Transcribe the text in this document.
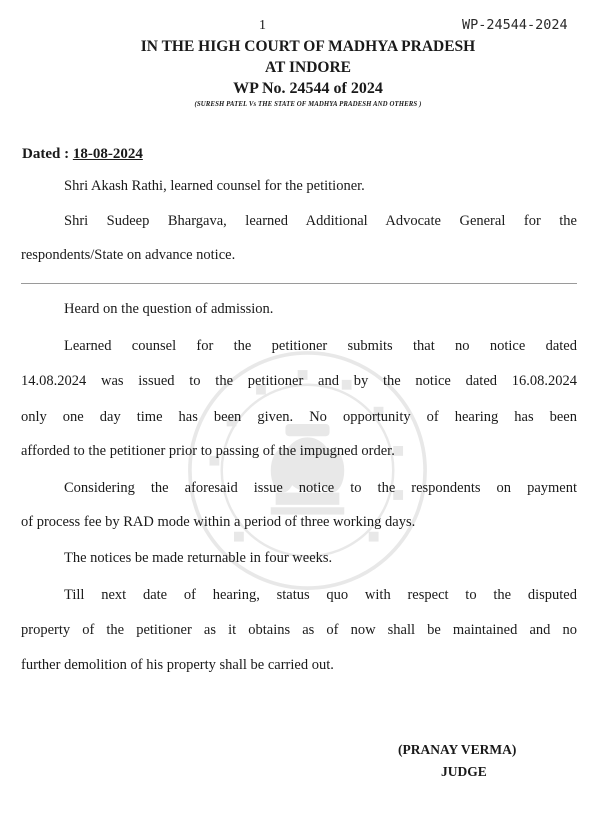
1	WP-24544-2024
IN THE HIGH COURT OF MADHYA PRADESH
AT INDORE
WP No. 24544 of 2024
(SURESH PATEL Vs THE STATE OF MADHYA PRADESH AND OTHERS )
Dated : 18-08-2024
Shri Akash Rathi, learned counsel for the petitioner.
Shri Sudeep Bhargava, learned Additional Advocate General for the
respondents/State on advance notice.
Heard on the question of admission.
Learned counsel for the petitioner submits that no notice dated
14.08.2024 was issued to the petitioner and by the notice dated 16.08.2024
only one day time has been given. No opportunity of hearing has been
afforded to the petitioner prior to passing of the impugned order.
Considering the aforesaid issue notice to the respondents on payment
of process fee by RAD mode within a period of three working days.
The notices be made returnable in four weeks.
Till next date of hearing, status quo with respect to the disputed
property of the petitioner as it obtains as of now shall be maintained and no
further demolition of his property shall be carried out.
(PRANAY VERMA)
JUDGE
